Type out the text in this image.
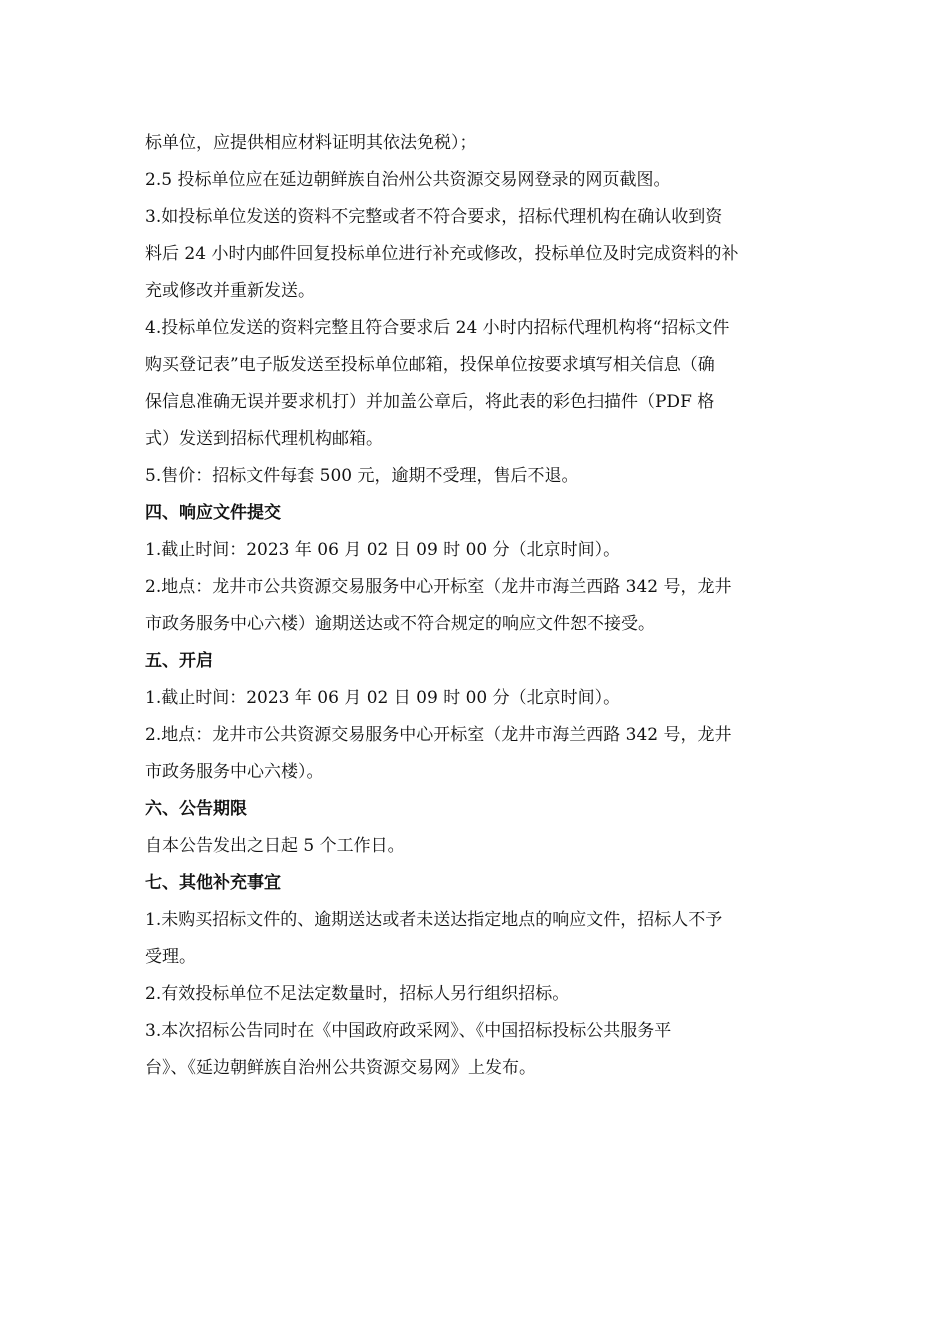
标单位，应提供相应材料证明其依法免税）；
2.5 投标单位应在延边朝鲜族自治州公共资源交易网登录的网页截图。
3.如投标单位发送的资料不完整或者不符合要求，招标代理机构在确认收到资
料后 24 小时内邮件回复投标单位进行补充或修改，投标单位及时完成资料的补
充或修改并重新发送。
4.投标单位发送的资料完整且符合要求后 24 小时内招标代理机构将“招标文件
购买登记表”电子版发送至投标单位邮箱，投保单位按要求填写相关信息（确
保信息准确无误并要求机打）并加盖公章后，将此表的彩色扫描件（PDF 格
式）发送到招标代理机构邮箱。
5.售价：招标文件每套 500 元，逾期不受理，售后不退。
四、响应文件提交
1.截止时间：2023 年 06 月 02 日 09 时 00 分（北京时间）。
2.地点：龙井市公共资源交易服务中心开标室（龙井市海兰西路 342 号，龙井
市政务服务中心六楼）逾期送达或不符合规定的响应文件恕不接受。
五、开启
1.截止时间：2023 年 06 月 02 日 09 时 00 分（北京时间）。
2.地点：龙井市公共资源交易服务中心开标室（龙井市海兰西路 342 号，龙井
市政务服务中心六楼）。
六、公告期限
自本公告发出之日起 5 个工作日。
七、其他补充事宜
1.未购买招标文件的、逾期送达或者未送达指定地点的响应文件，招标人不予
受理。
2.有效投标单位不足法定数量时，招标人另行组织招标。
3.本次招标公告同时在《中国政府政采网》、《中国招标投标公共服务平
台》、《延边朝鲜族自治州公共资源交易网》上发布。
